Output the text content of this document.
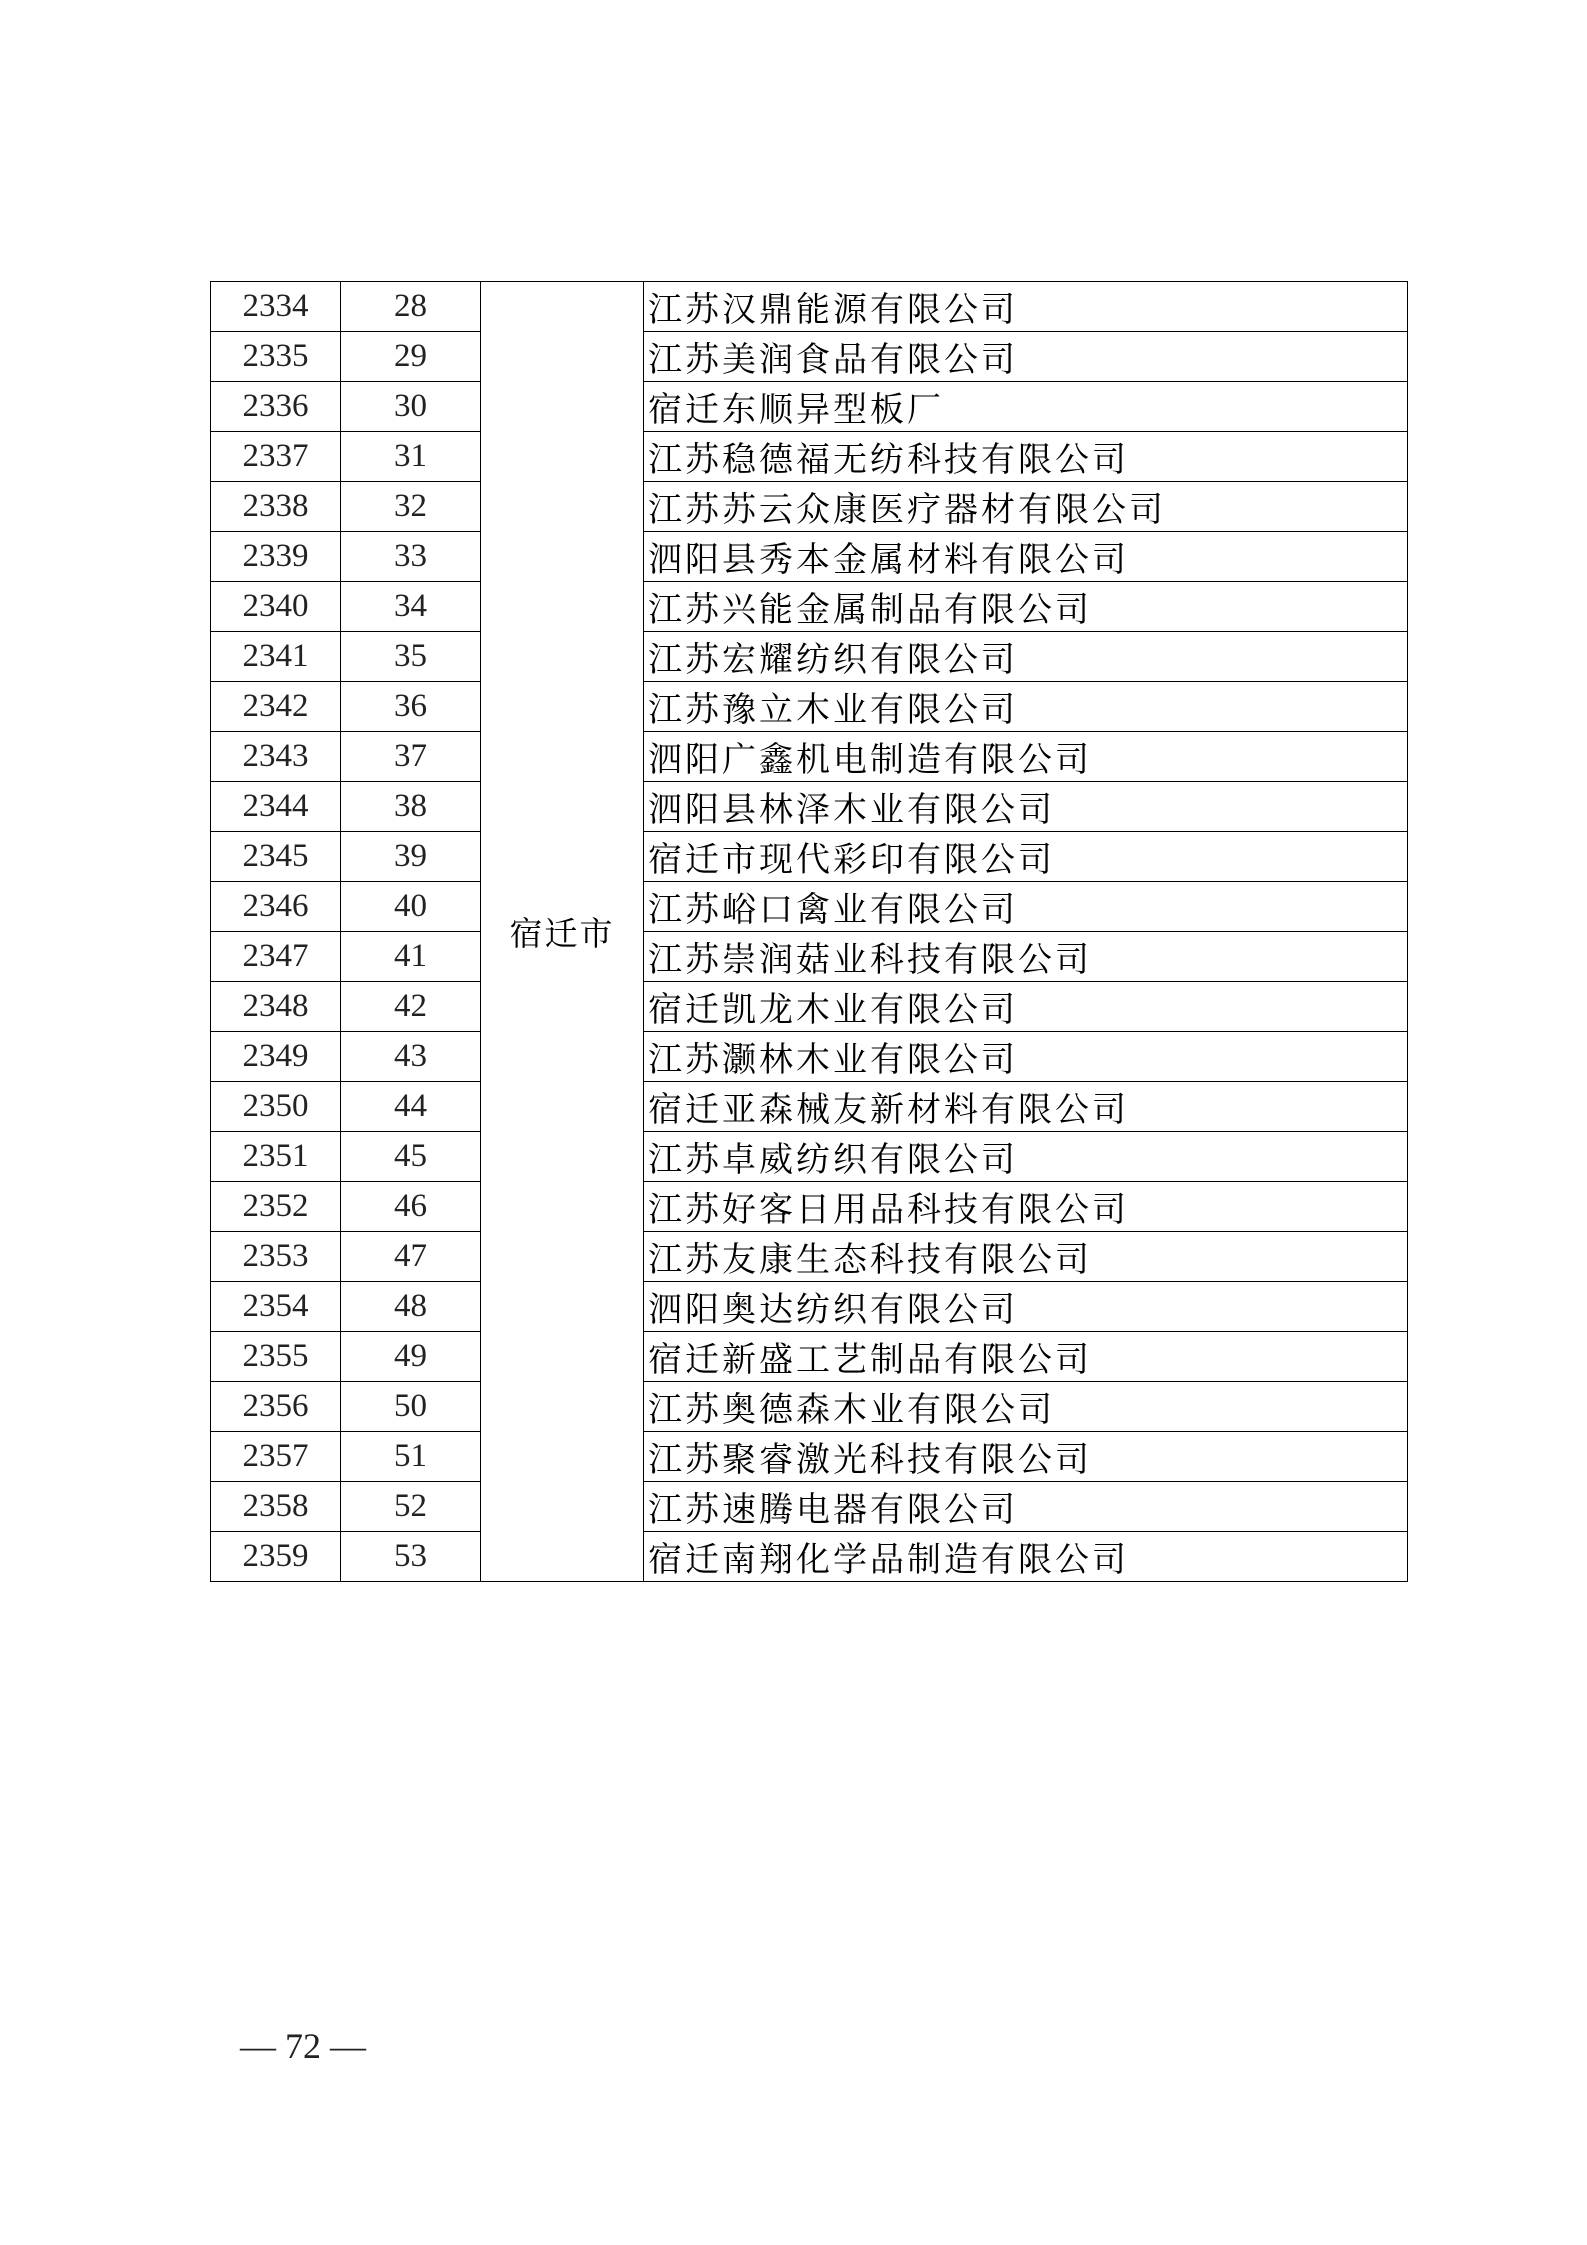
2334	28	宿迁市	江苏汉鼎能源有限公司
2335	29		江苏美润食品有限公司
2336	30		宿迁东顺异型板厂
2337	31		江苏稳德福无纺科技有限公司
2338	32		江苏苏云众康医疗器材有限公司
2339	33		泗阳县秀本金属材料有限公司
2340	34		江苏兴能金属制品有限公司
2341	35		江苏宏耀纺织有限公司
2342	36		江苏豫立木业有限公司
2343	37		泗阳广鑫机电制造有限公司
2344	38		泗阳县林泽木业有限公司
2345	39		宿迁市现代彩印有限公司
2346	40		江苏峪口禽业有限公司
2347	41		江苏崇润菇业科技有限公司
2348	42		宿迁凯龙木业有限公司
2349	43		江苏灏林木业有限公司
2350	44		宿迁亚森械友新材料有限公司
2351	45		江苏卓威纺织有限公司
2352	46		江苏好客日用品科技有限公司
2353	47		江苏友康生态科技有限公司
2354	48		泗阳奥达纺织有限公司
2355	49		宿迁新盛工艺制品有限公司
2356	50		江苏奥德森木业有限公司
2357	51		江苏聚睿激光科技有限公司
2358	52		江苏速腾电器有限公司
2359	53		宿迁南翔化学品制造有限公司
— 72 —
